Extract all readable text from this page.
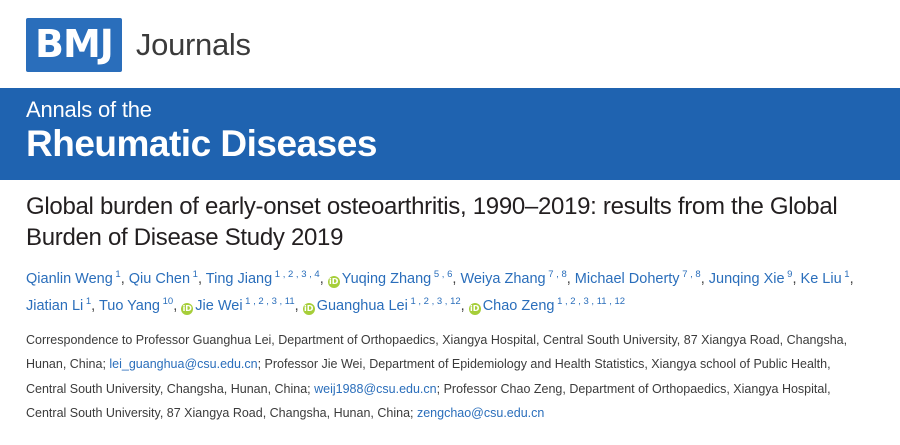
BMJ Journals
Annals of the
Rheumatic Diseases
Global burden of early-onset osteoarthritis, 1990–2019: results from the Global Burden of Disease Study 2019
Qianlin Weng $^1$, Qiu Chen $^1$, Ting Jiang $^{1 , 2 , 3 , 4}$, iD Yuqing Zhang $^{5 , 6}$, Weiya Zhang $^{7 , 8}$, Michael Doherty $^{7 , 8}$, Junqing Xie $^9$, Ke Liu $^1$, Jiatian Li $^1$, Tuo Yang $^{10}$, iD Jie Wei $^{1 , 2 , 3 , 11}$, iD Guanghua Lei $^{1 , 2 , 3 , 12}$, iD Chao Zeng $^{1 , 2 , 3 , 11 , 12}$
Correspondence to Professor Guanghua Lei, Department of Orthopaedics, Xiangya Hospital, Central South University, 87 Xiangya Road, Changsha, Hunan, China; lei_guanghua@csu.edu.cn; Professor Jie Wei, Department of Epidemiology and Health Statistics, Xiangya school of Public Health, Central South University, Changsha, Hunan, China; weij1988@csu.edu.cn; Professor Chao Zeng, Department of Orthopaedics, Xiangya Hospital, Central South University, 87 Xiangya Road, Changsha, Hunan, China; zengchao@csu.edu.cn
